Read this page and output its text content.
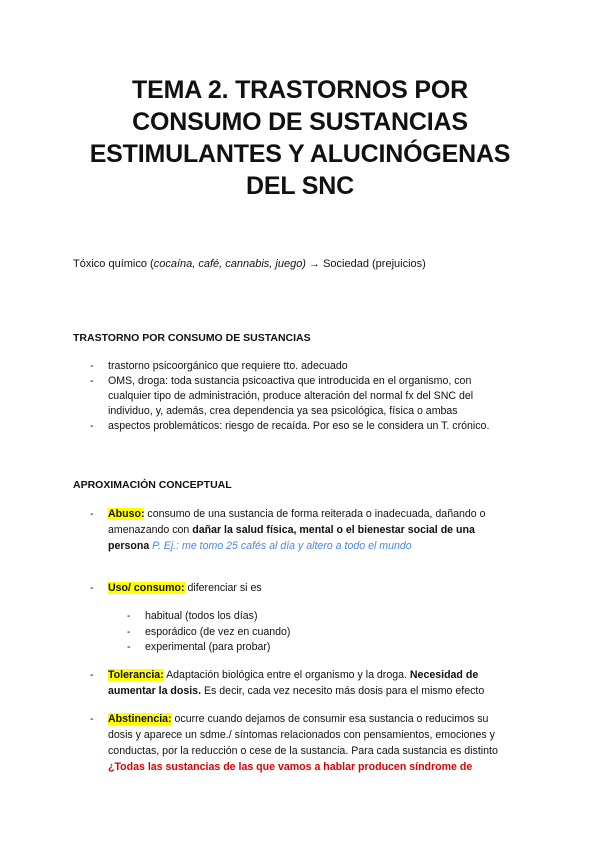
TEMA 2. TRASTORNOS POR
CONSUMO DE SUSTANCIAS
ESTIMULANTES Y ALUCINÓGENAS
DEL SNC
Tóxico químico (cocaína, café, cannabis, juego) → Sociedad (prejuicios)
TRASTORNO POR CONSUMO DE SUSTANCIAS
- trastorno psicoorgánico que requiere tto. adecuado
- OMS, droga: toda sustancia psicoactiva que introducida en el organismo, con
cualquier tipo de administración, produce alteración del normal fx del SNC del
individuo, y, además, crea dependencia ya sea psicológica, física o ambas
- aspectos problemáticos: riesgo de recaída. Por eso se le considera un T. crónico.
APROXIMACIÓN CONCEPTUAL
- Abuso: consumo de una sustancia de forma reiterada o inadecuada, dañando o
amenazando con dañar la salud física, mental o el bienestar social de una
persona P. Ej.: me tomo 25 cafés al día y altero a todo el mundo
- Uso/ consumo: diferenciar si es
- habitual (todos los días)
- esporádico (de vez en cuando)
- experimental (para probar)
- Tolerancia: Adaptación biológica entre el organismo y la droga. Necesidad de
aumentar la dosis. Es decir, cada vez necesito más dosis para el mismo efecto
- Abstinencia: ocurre cuando dejamos de consumir esa sustancia o reducimos su
dosis y aparece un sdme./ síntomas relacionados con pensamientos, emociones y
conductas, por la reducción o cese de la sustancia. Para cada sustancia es distinto
¿Todas las sustancias de las que vamos a hablar producen síndrome de
